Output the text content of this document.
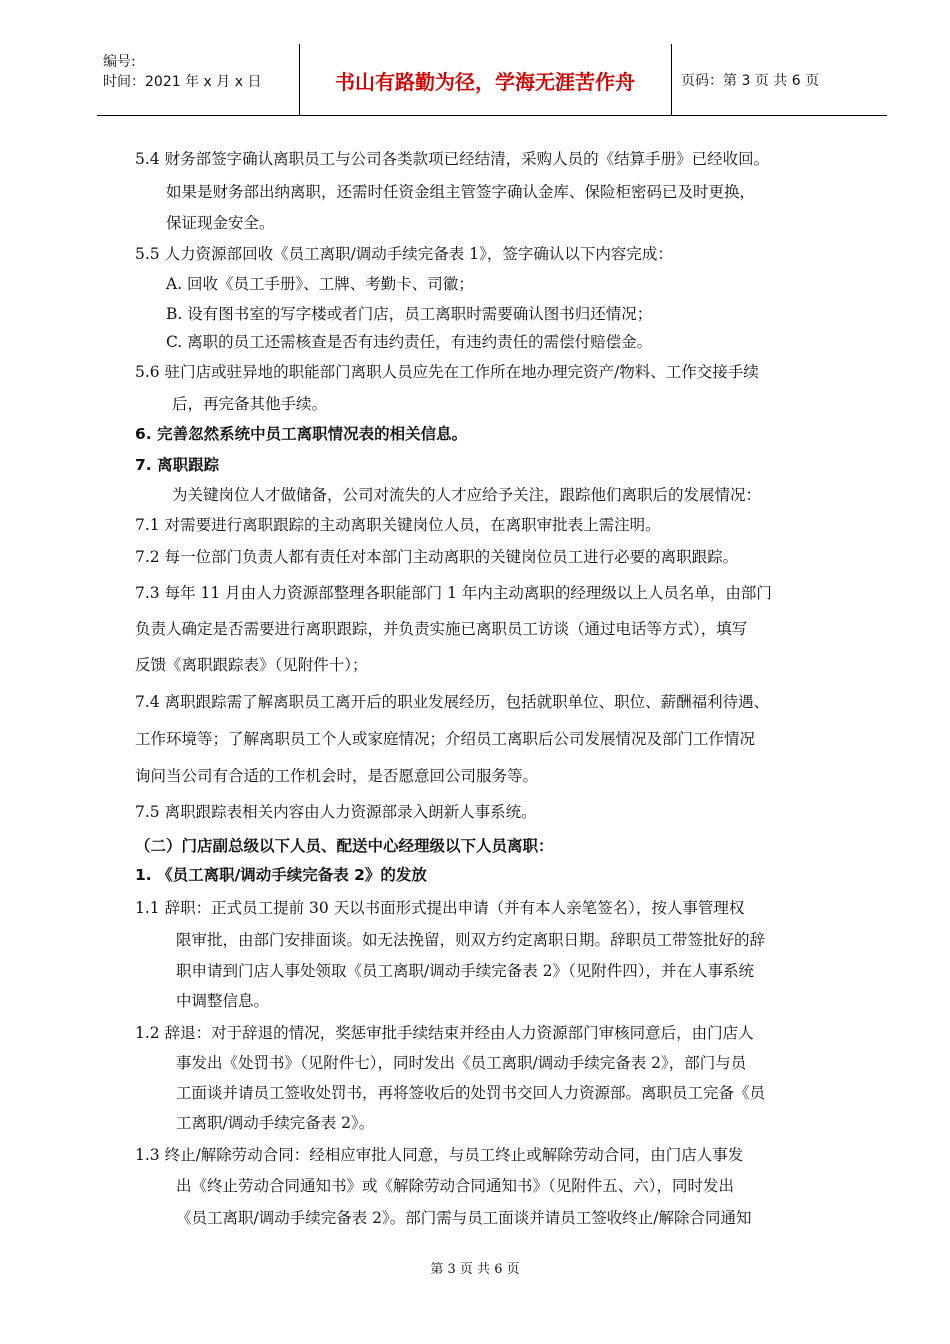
编号:
时间：2021 年 x 月 x 日	书山有路勤为径，学海无涯苦作舟	页码：第 3 页 共 6 页
5.4 财务部签字确认离职员工与公司各类款项已经结清，采购人员的《结算手册》已经收回。
如果是财务部出纳离职，还需时任资金组主管签字确认金库、保险柜密码已及时更换，
保证现金安全。
5.5 人力资源部回收《员工离职/调动手续完备表 1》，签字确认以下内容完成：
A. 回收《员工手册》、工牌、考勤卡、司徽；
B. 设有图书室的写字楼或者门店，员工离职时需要确认图书归还情况；
C. 离职的员工还需核查是否有违约责任，有违约责任的需偿付赔偿金。
5.6 驻门店或驻异地的职能部门离职人员应先在工作所在地办理完资产/物料、工作交接手续
后，再完备其他手续。
6. 完善忽然系统中员工离职情况表的相关信息。
7. 离职跟踪
为关键岗位人才做储备，公司对流失的人才应给予关注，跟踪他们离职后的发展情况：
7.1 对需要进行离职跟踪的主动离职关键岗位人员，在离职审批表上需注明。
7.2 每一位部门负责人都有责任对本部门主动离职的关键岗位员工进行必要的离职跟踪。
7.3 每年 11 月由人力资源部整理各职能部门 1 年内主动离职的经理级以上人员名单，由部门
负责人确定是否需要进行离职跟踪，并负责实施已离职员工访谈（通过电话等方式），填写
反馈《离职跟踪表》（见附件十）；
7.4 离职跟踪需了解离职员工离开后的职业发展经历，包括就职单位、职位、薪酬福利待遇、
工作环境等；了解离职员工个人或家庭情况；介绍员工离职后公司发展情况及部门工作情况
询问当公司有合适的工作机会时，是否愿意回公司服务等。
7.5 离职跟踪表相关内容由人力资源部录入朗新人事系统。
（二）门店副总级以下人员、配送中心经理级以下人员离职：
1. 《员工离职/调动手续完备表 2》的发放
1.1 辞职：正式员工提前 30 天以书面形式提出申请（并有本人亲笔签名），按人事管理权
限审批，由部门安排面谈。如无法挽留，则双方约定离职日期。辞职员工带签批好的辞
职申请到门店人事处领取《员工离职/调动手续完备表 2》（见附件四），并在人事系统
中调整信息。
1.2 辞退：对于辞退的情况，奖惩审批手续结束并经由人力资源部门审核同意后，由门店人
事发出《处罚书》（见附件七），同时发出《员工离职/调动手续完备表 2》，部门与员
工面谈并请员工签收处罚书，再将签收后的处罚书交回人力资源部。离职员工完备《员
工离职/调动手续完备表 2》。
1.3 终止/解除劳动合同：经相应审批人同意，与员工终止或解除劳动合同，由门店人事发
出《终止劳动合同通知书》或《解除劳动合同通知书》（见附件五、六），同时发出
《员工离职/调动手续完备表 2》。部门需与员工面谈并请员工签收终止/解除合同通知
第 3 页 共 6 页
